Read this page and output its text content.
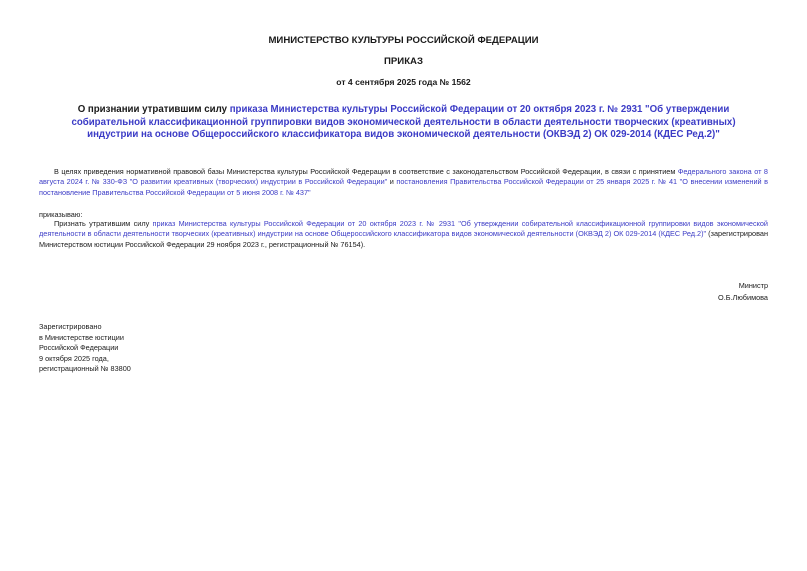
МИНИСТЕРСТВО КУЛЬТУРЫ РОССИЙСКОЙ ФЕДЕРАЦИИ
ПРИКАЗ
от 4 сентября 2025 года № 1562
О признании утратившим силу приказа Министерства культуры Российской Федерации от 20 октября 2023 г. № 2931 "Об утверждении собирательной классификационной группировки видов экономической деятельности в области деятельности творческих (креативных) индустрии на основе Общероссийского классификатора видов экономической деятельности (ОКВЭД 2) ОК 029-2014 (КДЕС Ред.2)"
В целях приведения нормативной правовой базы Министерства культуры Российской Федерации в соответствие с законодательством Российской Федерации, в связи с принятием Федерального закона от 8 августа 2024 г. № 330-ФЗ "О развитии креативных (творческих) индустрии в Российской Федерации" и постановления Правительства Российской Федерации от 25 января 2025 г. № 41 "О внесении изменений в постановление Правительства Российской Федерации от 5 июня 2008 г. № 437"
приказываю:
Признать утратившим силу приказ Министерства культуры Российской Федерации от 20 октября 2023 г. № 2931 "Об утверждении собирательной классификационной группировки видов экономической деятельности в области деятельности творческих (креативных) индустрии на основе Общероссийского классификатора видов экономической деятельности (ОКВЭД 2) ОК 029-2014 (КДЕС Ред.2)" (зарегистрирован Министерством юстиции Российской Федерации 29 ноября 2023 г., регистрационный № 76154).
Министр
О.Б.Любимова
Зарегистрировано
в Министерстве юстиции
Российской Федерации
9 октября 2025 года,
регистрационный № 83800
